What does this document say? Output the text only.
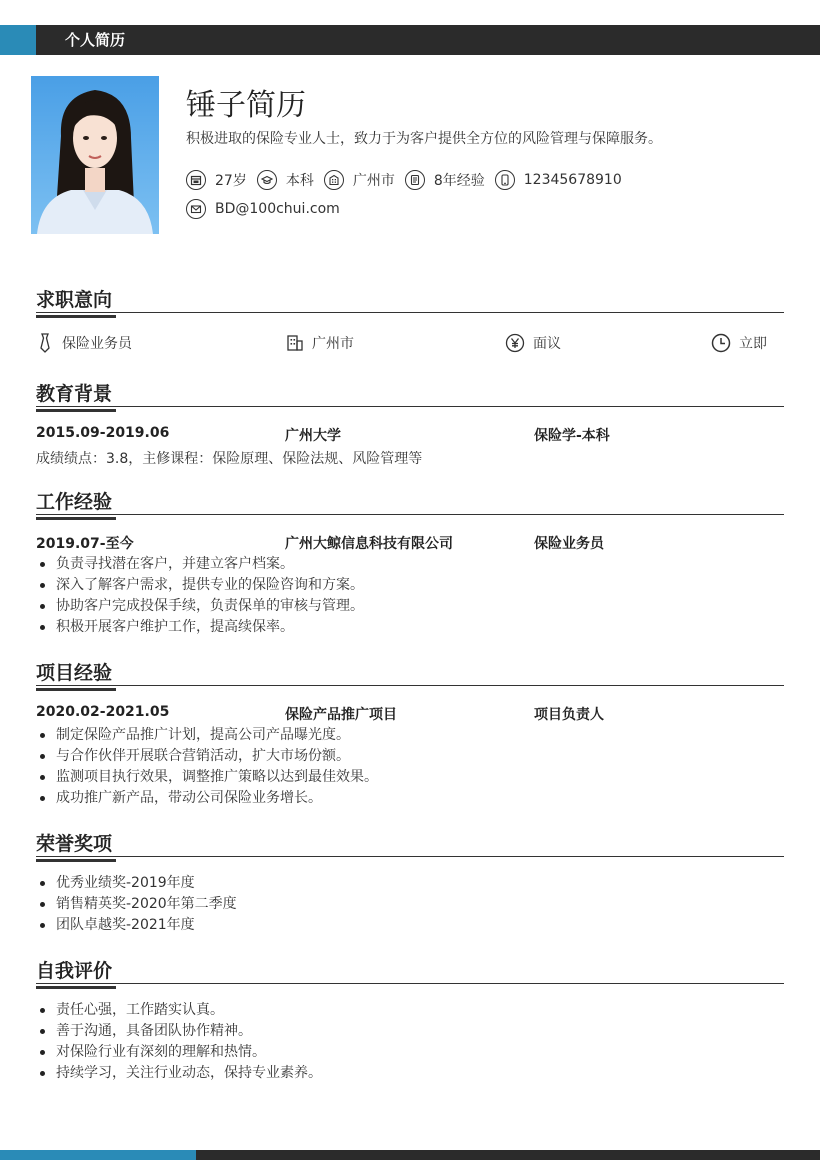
个人简历
锤子简历
积极进取的保险专业人士，致力于为客户提供全方位的风险管理与保障服务。
27岁	本科	广州市	8年经验	12345678910
BD@100chui.com
求职意向
保险业务员	广州市	面议	立即
教育背景
2015.09-2019.06	广州大学	保险学-本科
成绩绩点：3.8，主修课程：保险原理、保险法规、风险管理等
工作经验
2019.07-至今	广州大鲸信息科技有限公司	保险业务员
负责寻找潜在客户，并建立客户档案。
深入了解客户需求，提供专业的保险咨询和方案。
协助客户完成投保手续，负责保单的审核与管理。
积极开展客户维护工作，提高续保率。
项目经验
2020.02-2021.05	保险产品推广项目	项目负责人
制定保险产品推广计划，提高公司产品曝光度。
与合作伙伴开展联合营销活动，扩大市场份额。
监测项目执行效果，调整推广策略以达到最佳效果。
成功推广新产品，带动公司保险业务增长。
荣誉奖项
优秀业绩奖-2019年度
销售精英奖-2020年第二季度
团队卓越奖-2021年度
自我评价
责任心强，工作踏实认真。
善于沟通，具备团队协作精神。
对保险行业有深刻的理解和热情。
持续学习，关注行业动态，保持专业素养。
